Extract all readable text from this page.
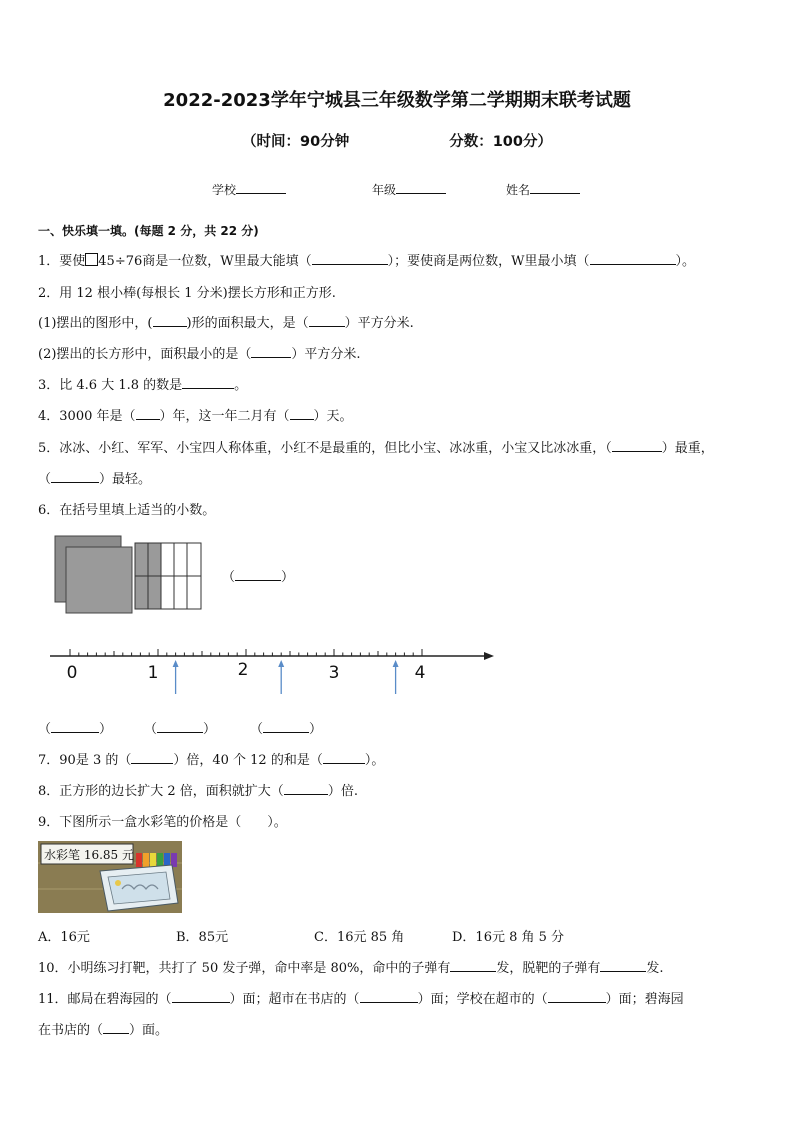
2022-2023学年宁城县三年级数学第二学期期末联考试题
（时间：90分钟	分数：100分）
学校	年级	姓名
一、快乐填一填。(每题 2 分，共 22 分)
1．要使 45÷76商是一位数，W里最大能填（	）；要使商是两位数，W里最小填（	）。
2．用 12 根小棒(每根长 1 分米)摆长方形和正方形.
(1)摆出的图形中，(	)形的面积最大，是（	）平方分米.
(2)摆出的长方形中，面积最小的是（	）平方分米.
3．比 4.6 大 1.8 的数是	。
4．3000 年是（ ）年，这一年二月有（ ）天。
5．冰冰、小红、军军、小宝四人称体重，小红不是最重的，但比小宝、冰冰重，小宝又比冰冰重，（	）最重，
（	）最轻。
6．在括号里填上适当的小数。
（	）
0	1	2	3	4
（	） （	）	（	）
7．90是 3 的（	）倍，40 个 12 的和是（	）。
8．正方形的边长扩大 2 倍，面积就扩大（	）倍.
9．下图所示一盒水彩笔的价格是（　　）。
水彩笔 16.85 元
A．16元	B．85元	C．16元 85 角	D．16元 8 角 5 分
10．小明练习打靶，共打了 50 发子弹，命中率是 80%，命中的子弹有	发，脱靶的子弹有	发.
11．邮局在碧海园的（	）面；超市在书店的（	）面；学校在超市的（	）面；碧海园
在书店的（ ）面。
